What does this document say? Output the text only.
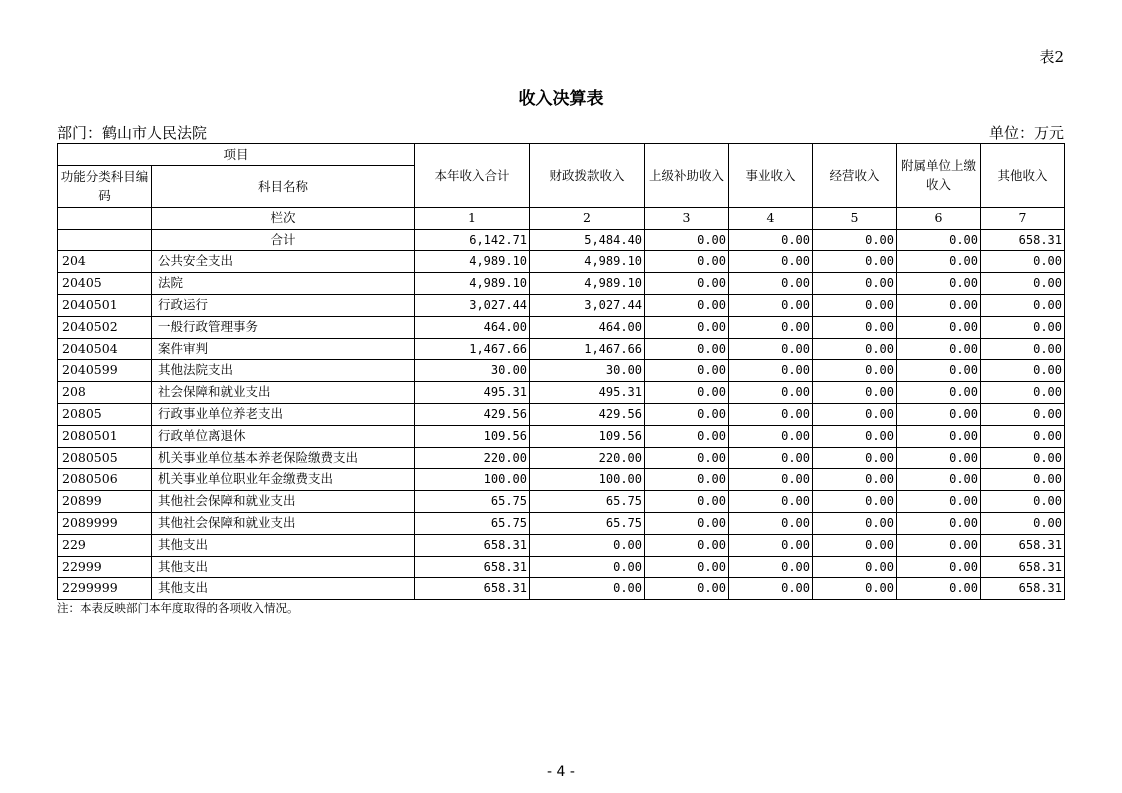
表2
收入决算表
部门：鹤山市人民法院	单位：万元
项目		本年收入合计	财政拨款收入	上级补助收入	事业收入	经营收入	附属单位上缴收入	其他收入
功能分类科目编码	科目名称							
	栏次	1	2	3	4	5	6	7
	合计	6,142.71	5,484.40	0.00	0.00	0.00	0.00	658.31
204	公共安全支出	4,989.10	4,989.10	0.00	0.00	0.00	0.00	0.00
20405	法院	4,989.10	4,989.10	0.00	0.00	0.00	0.00	0.00
2040501	行政运行	3,027.44	3,027.44	0.00	0.00	0.00	0.00	0.00
2040502	一般行政管理事务	464.00	464.00	0.00	0.00	0.00	0.00	0.00
2040504	案件审判	1,467.66	1,467.66	0.00	0.00	0.00	0.00	0.00
2040599	其他法院支出	30.00	30.00	0.00	0.00	0.00	0.00	0.00
208	社会保障和就业支出	495.31	495.31	0.00	0.00	0.00	0.00	0.00
20805	行政事业单位养老支出	429.56	429.56	0.00	0.00	0.00	0.00	0.00
2080501	行政单位离退休	109.56	109.56	0.00	0.00	0.00	0.00	0.00
2080505	机关事业单位基本养老保险缴费支出	220.00	220.00	0.00	0.00	0.00	0.00	0.00
2080506	机关事业单位职业年金缴费支出	100.00	100.00	0.00	0.00	0.00	0.00	0.00
20899	其他社会保障和就业支出	65.75	65.75	0.00	0.00	0.00	0.00	0.00
2089999	其他社会保障和就业支出	65.75	65.75	0.00	0.00	0.00	0.00	0.00
229	其他支出	658.31	0.00	0.00	0.00	0.00	0.00	658.31
22999	其他支出	658.31	0.00	0.00	0.00	0.00	0.00	658.31
2299999	其他支出	658.31	0.00	0.00	0.00	0.00	0.00	658.31
注：本表反映部门本年度取得的各项收入情况。
- 4 -
